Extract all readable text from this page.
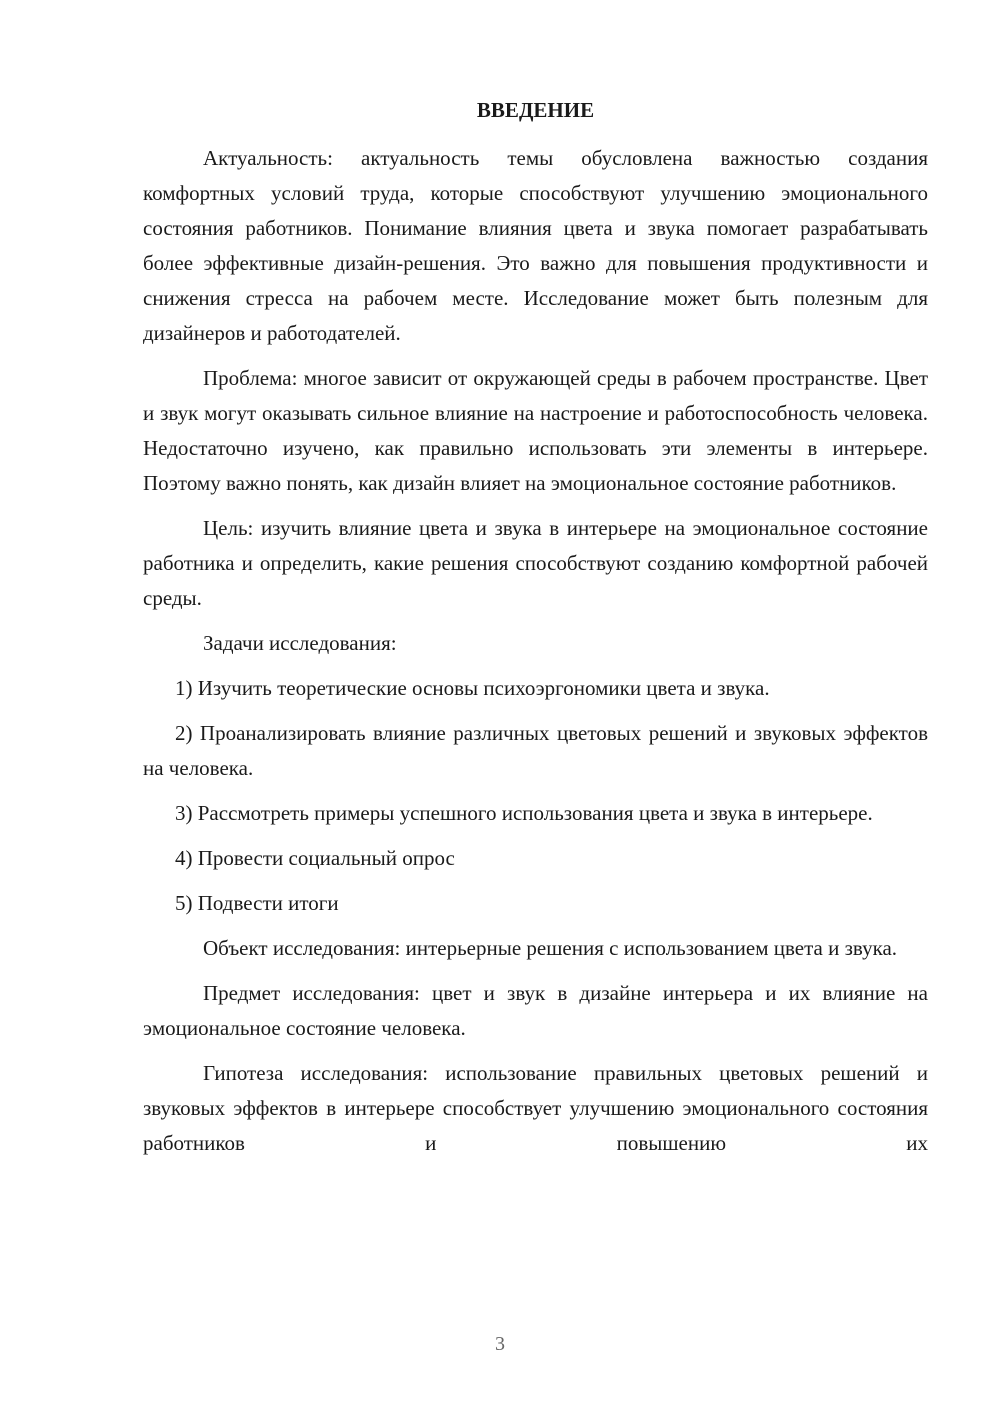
ВВЕДЕНИЕ

Актуальность: актуальность темы обусловлена важностью создания комфортных условий труда, которые способствуют улучшению эмоционального состояния работников. Понимание влияния цвета и звука помогает разрабатывать более эффективные дизайн-решения. Это важно для повышения продуктивности и снижения стресса на рабочем месте. Исследование может быть полезным для дизайнеров и работодателей.

Проблема: многое зависит от окружающей среды в рабочем пространстве. Цвет и звук могут оказывать сильное влияние на настроение и работоспособность человека. Недостаточно изучено, как правильно использовать эти элементы в интерьере. Поэтому важно понять, как дизайн влияет на эмоциональное состояние работников.

Цель: изучить влияние цвета и звука в интерьере на эмоциональное состояние работника и определить, какие решения способствуют созданию комфортной рабочей среды.

Задачи исследования:

1) Изучить теоретические основы психоэргономики цвета и звука.

2) Проанализировать влияние различных цветовых решений и звуковых эффектов на человека.

3) Рассмотреть примеры успешного использования цвета и звука в интерьере.

4) Провести социальный опрос

5) Подвести итоги

Объект исследования: интерьерные решения с использованием цвета и звука.

Предмет исследования: цвет и звук в дизайне интерьера и их влияние на эмоциональное состояние человека.

Гипотеза исследования: использование правильных цветовых решений и звуковых эффектов в интерьере способствует улучшению эмоционального состояния работников и повышению их

3
